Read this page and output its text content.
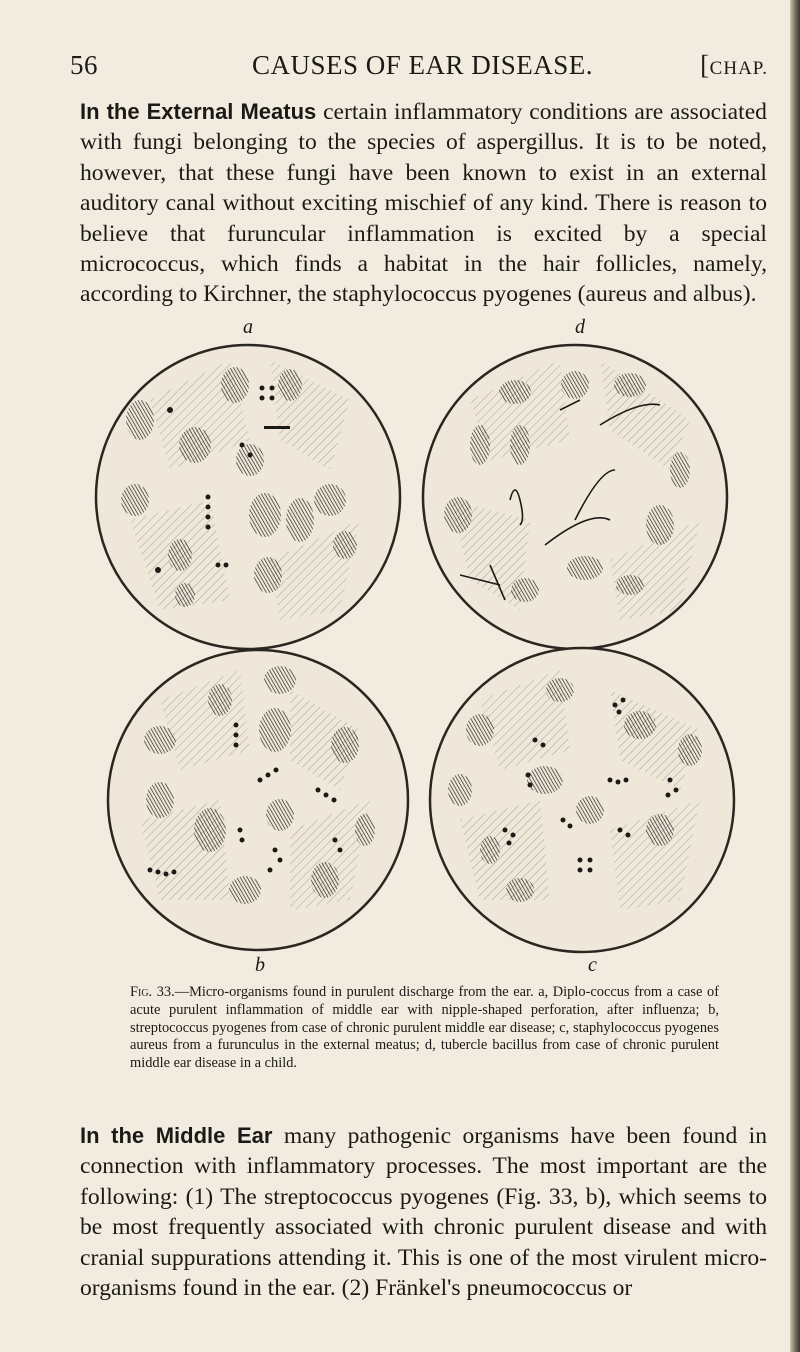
56	CAUSES OF EAR DISEASE.	[CHAP.
In the External Meatus certain inflammatory conditions are associated with fungi belonging to the species of aspergillus. It is to be noted, however, that these fungi have been known to exist in an external auditory canal without exciting mischief of any kind. There is reason to believe that furuncular inflammation is excited by a special micrococcus, which finds a habitat in the hair follicles, namely, according to Kirchner, the staphylococcus pyogenes (aureus and albus).
a	d
b	c
Fig. 33.—Micro-organisms found in purulent discharge from the ear. a, Diplo-coccus from a case of acute purulent inflammation of middle ear with nipple-shaped perforation, after influenza; b, streptococcus pyogenes from case of chronic purulent middle ear disease; c, staphylococcus pyogenes aureus from a furunculus in the external meatus; d, tubercle bacillus from case of chronic purulent middle ear disease in a child.
In the Middle Ear many pathogenic organisms have been found in connection with inflammatory processes. The most important are the following: (1) The streptococcus pyogenes (Fig. 33, b), which seems to be most frequently associated with chronic purulent disease and with cranial suppurations attending it. This is one of the most virulent micro-organisms found in the ear. (2) Fränkel's pneumococcus or
